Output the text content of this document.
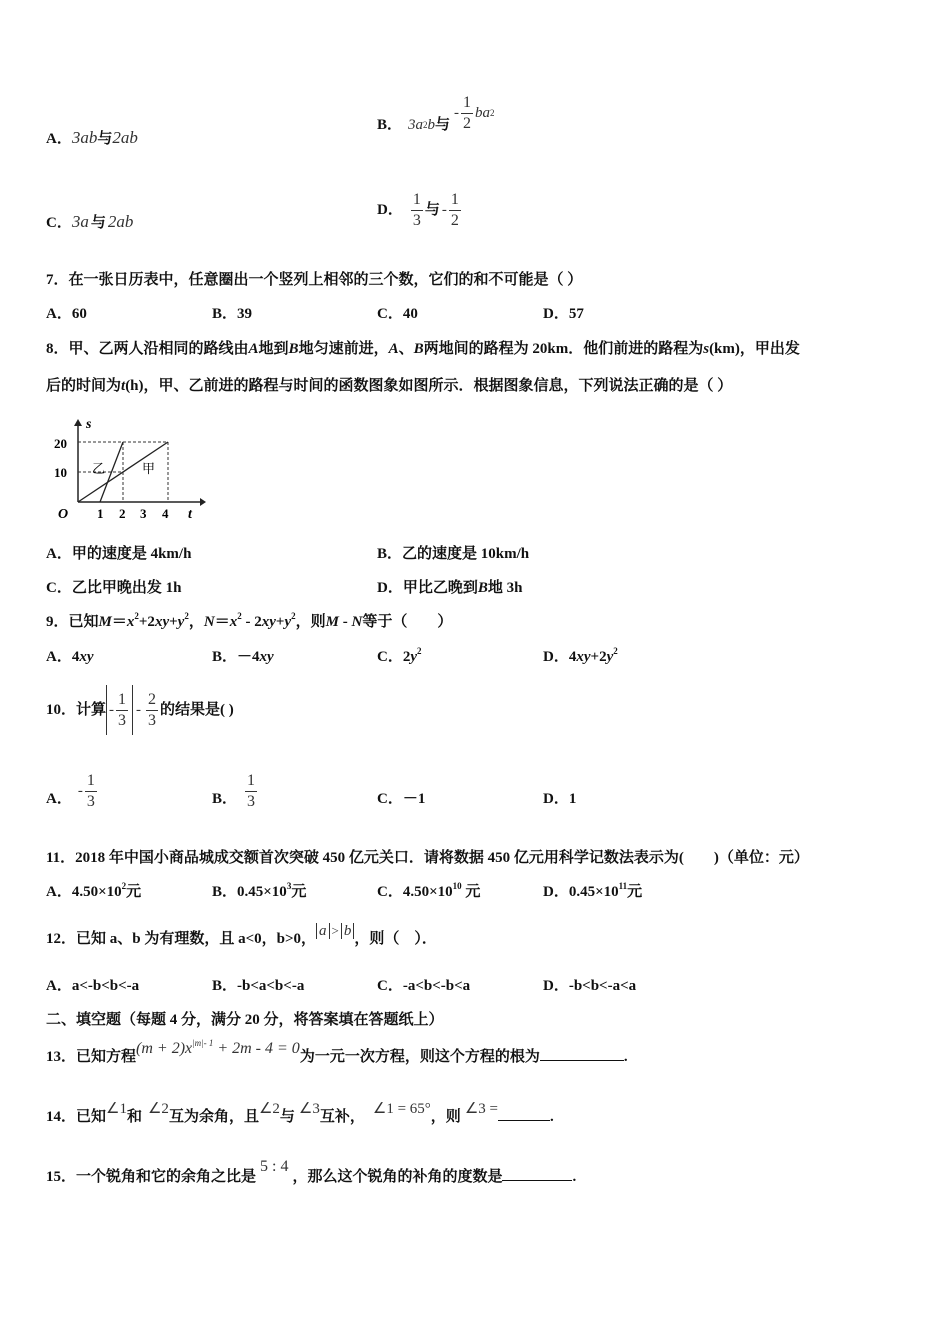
A．3ab与2ab
B． 3a 2 b 与
- $\frac{1}{2} ba^2$
C．3a 与 2ab
D． $\frac{1}{3}$ 与 - $\frac{1}{2}$
7．在一张日历表中，任意圈出一个竖列上相邻的三个数，它们的和不可能是（ ）
A．60	B．39	C．40	D．57
8．甲、乙两人沿相同的路线由A地到B地匀速前进，A、B两地间的路程为 20km．他们前进的路程为s(km)，甲出发
后的时间为t(h)，甲、乙前进的路程与时间的函数图象如图所示．根据图象信息，下列说法正确的是（ ）
s
t
O
20
10
1 2 3 4
乙	甲
A．甲的速度是 4km/h	B．乙的速度是 10km/h
C．乙比甲晚出发 1h	D．甲比乙晚到B地 3h
9．已知$M=x^2+2xy+y^2$，$N=x^2 - 2xy+y^2$，则M - N等于（　　）
A．4xy	B．－4xy	C．$2y^2$	D．$4xy+2y^2$
10．计算 - $\frac{1}{3} - \frac{2}{3}$ 的结果是( )
A． - $\frac{1}{3}$	B． $\frac{1}{3}$	C．－1	D．1
11．2018 年中国小商品城成交额首次突破 450 亿元关口．请将数据 450 亿元用科学记数法表示为(　　)（单位：元）
A．$4.50\times 10^2$元	B．$0.45\times 10^3$元	C．$4.50\times 10^{10}$ 元	D．$0.45\times 10^{11}$元
12．已知 a、b 为有理数，且 a<0，b>0， a > b ，则（　）．
A．a<-b<b<-a	B．-b<a<b<-a	C．-a<b<-b<a	D．-b<b<-a<a
二、填空题（每题 4 分，满分 20 分，将答案填在答题纸上）
13．已知方程$(m + 2)x^{|m|- 1} + 2m - 4 = 0$为一元一次方程，则这个方程的根为	.
14．已知∠1和 ∠2互为余角，且∠2与 ∠3互补， ∠1 = 65°，则 ∠3 =	.
15．一个锐角和它的余角之比是5 : 4，那么这个锐角的补角的度数是	.
